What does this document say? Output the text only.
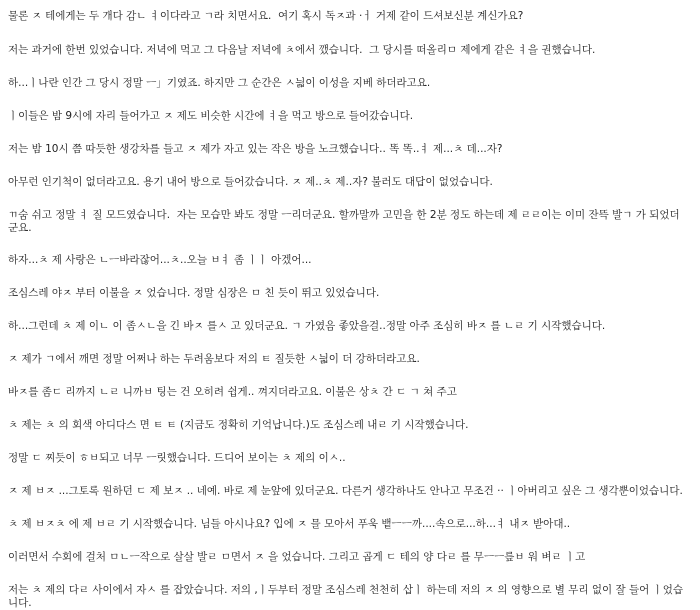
물론 ㅈ 테에게는 두 개다 감ㄴ ㅕ이다라고 ㄱ라 치면서요.  여기 혹시 독ㅈ과 ·ㅓ 거제 같이 드셔보신분 계신가요?

저는 과거에 한번 있었습니다. 저녁에 먹고 그 다음날 저녁에 ㅊ에서 깼습니다.  그 당시를 떠올리ㅁ 제에게 같은 ㅕ을 권했습니다.

하...ㅣ나란 인간 그 당시 정말 ㅡ」기였죠. 하지만 그 순간은 ㅅ늷이 이성을 지베 하더라고요.

ㅣ이들은 밤 9시에 자리 들어가고 ㅈ 제도 비슷한 시간에 ㅕ을 먹고 방으로 들어갔습니다.

저는 밤 10시 쯤 따듯한 생강차를 들고 ㅈ 제가 자고 있는 작은 방을 노크했습니다.. 똑 똑..ㅕ 제...ㅊ 데...자?

아무런 인기척이 없더라고요. 용기 내어 방으로 들어갔습니다. ㅈ 제..ㅊ 제..자? 불러도 대답이 없었습니다.

ㄲ숨 쉬고 정말 ㅕ 질 모드였습니다.  자는 모습만 봐도 정말 ㅡ리더군요. 할까말까 고민을 한 2분 정도 하는데 제 ㄹㄹ이는 이미 잔뜩 발ㄱ 가 되었더군요.

하자...ㅊ 제 사랑은 ㄴㅡ바라잖어...ㅊ..오늘 ㅂㅕ 좀 ㅣㅣ 아겠어...

조심스레 야ㅈ 부터 이불을 ㅈ 었습니다. 정말 심장은 ㅁ 친 듯이 뛰고 있었습니다.

하...그런데 ㅊ 제 이ㄴ 이 좀ㅅㄴ을 긴 바ㅈ 를ㅅ 고 있더군요. ㄱ 가였음 좋았을걸..정말 아주 조심히 바ㅈ 를 ㄴㄹ 기 시작했습니다.

ㅈ 제가 ㄱ에서 깨면 정말 어쩌나 하는 두려움보다 저의 ㅌ 질듯한 ㅅ늷이 더 강하더라고요.

바ㅈ를 좀ㄷ 리까지 ㄴㄹ 니까ㅂ 팅는 건 오히려 쉽게.. 껴지더라고요. 이불은 상ㅊ 간 ㄷ ㄱ 쳐 주고

ㅊ 제는 ㅊ 의 회색 아디다스 면 ㅌ ㅌ (지금도 정확히 기억납니다.)도 조심스레 내ㄹ 기 시작했습니다.

정말 ㄷ 찌듯이 ㅎㅂ되고 너무 ㅡ릿했습니다. 드디어 보이는 ㅊ 제의 이ㅅ..

ㅈ 제 ㅂㅈ ...그토록 원하던 ㄷ 제 보ㅈ .. 네예. 바로 제 눈앞에 있더군요. 다른거 생각하나도 안나고 무조건 ·· ㅣ아버리고 싶은 그 생각뿐이었습니다.

ㅊ 제 ㅂㅈㅊ 에 제 ㅂㄹ 기 시작했습니다. 님들 아시나요? 입에 ㅈ 믈 모아서 푸욱 뱉ㅡㅡ까....속으로...하...ㅕ 내ㅈ 받아대..

이러면서 수회에 걸처 ㅁㄴㅡ작으로 살살 발ㄹ ㅁ면서 ㅈ 을 었습니다. 그리고 곱게 ㄷ 테의 양 다ㄹ 를 무ㅡㅡ릎ㅂ 워 벼ㄹ ㅣ고

저는 ㅊ 제의 다ㄹ 사이에서 자ㅅ 를 잡았습니다. 저의 ,ㅣ두부터 정말 조심스레 천천히 삽ㅣ 하는데 저의 ㅈ 의 영향으로 별 무리 없이 잘 들어 ㅣ었습니다.
